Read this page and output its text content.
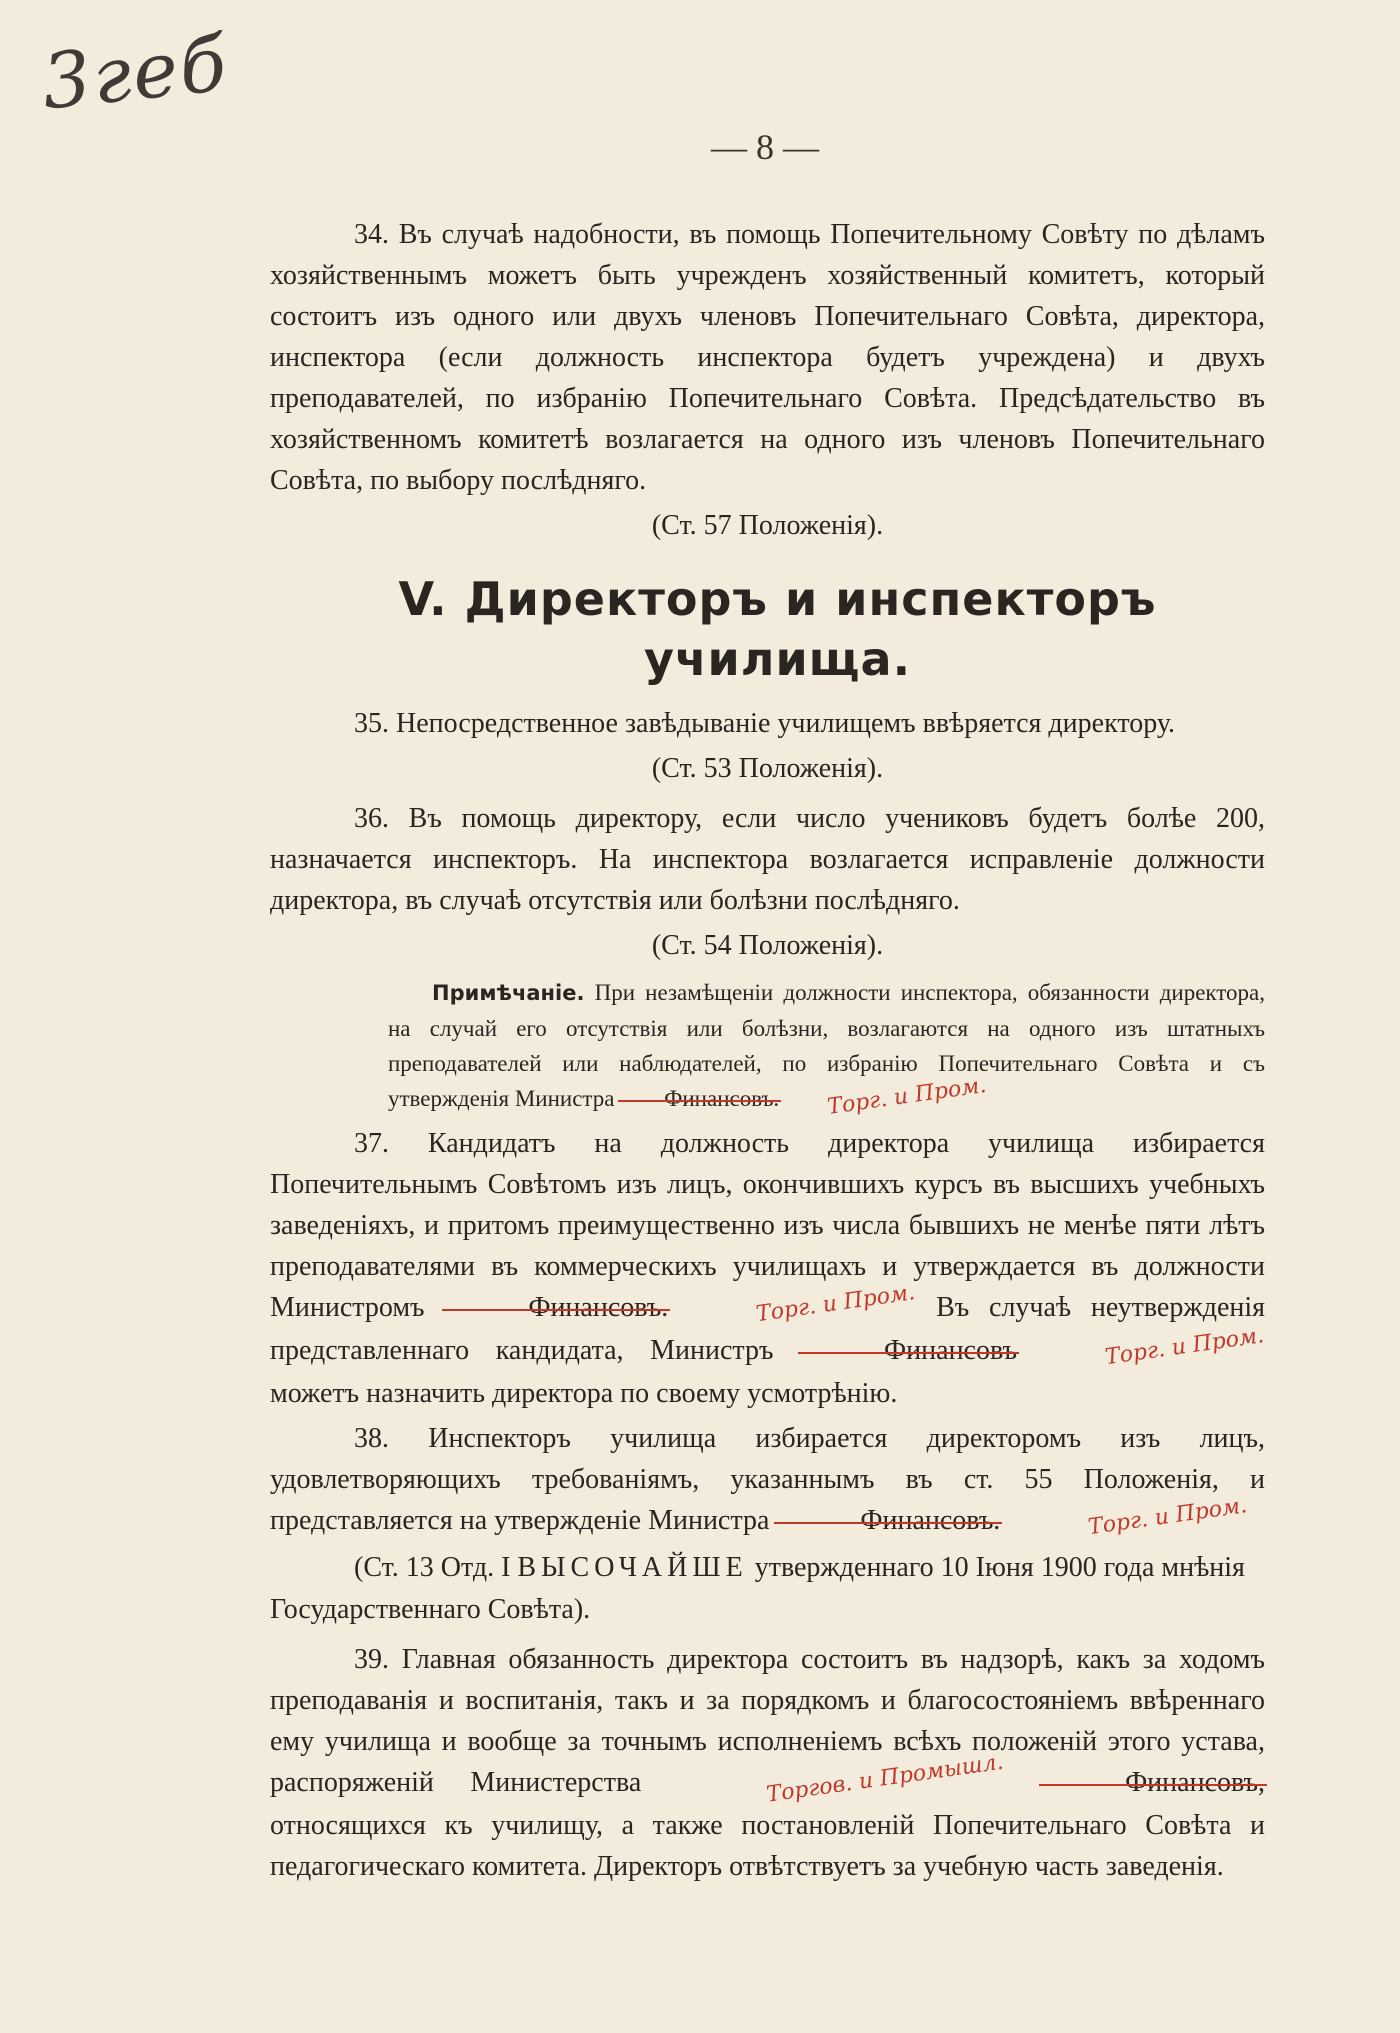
3геб
— 8 —

34. Въ случаѣ надобности, въ помощь Попечительному Совѣту по дѣламъ хозяйственнымъ можетъ быть учрежденъ хозяйственный комитетъ, который состоитъ изъ одного или двухъ членовъ Попечительнаго Совѣта, директора, инспектора (если должность инспектора будетъ учреждена) и двухъ преподавателей, по избранію Попечительнаго Совѣта. Предсѣдательство въ хозяйственномъ комитетѣ возлагается на одного изъ членовъ Попечительнаго Совѣта, по выбору послѣдняго.

(Ст. 57 Положенія).

V. Директоръ и инспекторъ училища.

35. Непосредственное завѣдываніе училищемъ ввѣряется директору.

(Ст. 53 Положенія).

36. Въ помощь директору, если число учениковъ будетъ болѣе 200, назначается инспекторъ. На инспектора возлагается исправленіе должности директора, въ случаѣ отсутствія или болѣзни послѣдняго.

(Ст. 54 Положенія).

Примѣчаніе. При незамѣщеніи должности инспектора, обязанности директора, на случай его отсутствія или болѣзни, возлагаются на одного изъ штатныхъ преподавателей или наблюдателей, по избранію Попечительнаго Совѣта и съ утвержденія Министра Финансовъ. Торг. и Пром.

37. Кандидатъ на должность директора училища избирается Попечительнымъ Совѣтомъ изъ лицъ, окончившихъ курсъ въ высшихъ учебныхъ заведеніяхъ, и притомъ преимущественно изъ числа бывшихъ не менѣе пяти лѣтъ преподавателями въ коммерческихъ училищахъ и утверждается въ должности Министромъ	Финансовъ.	Торг. и Пром. Въ случаѣ неутвержденія представленнаго кандидата, Министръ	Финансовъ	Торг. и Пром. можетъ назначить директора по своему усмотрѣнію.

38. Инспекторъ училища избирается директоромъ изъ лицъ, удовлетворяющихъ требованіямъ, указаннымъ въ ст. 55 Положенія, и представляется на утвержденіе Министра	Финансовъ.	Торг. и Пром.

(Ст. 13 Отд. I ВЫСОЧАЙШЕ утвержденнаго 10 Іюня 1900 года мнѣнія Государственнаго Совѣта).

39. Главная обязанность директора состоитъ въ надзорѣ, какъ за ходомъ преподаванія и воспитанія, такъ и за порядкомъ и благосостояніемъ ввѣреннаго ему училища и вообще за точнымъ исполненіемъ всѣхъ положеній этого устава, распоряженій Министерства	Торгов. и Промышл.	Финансовъ, относящихся къ училищу, а также постановленій Попечительнаго Совѣта и педагогическаго комитета. Директоръ отвѣтствуетъ за учебную часть заведенія.
